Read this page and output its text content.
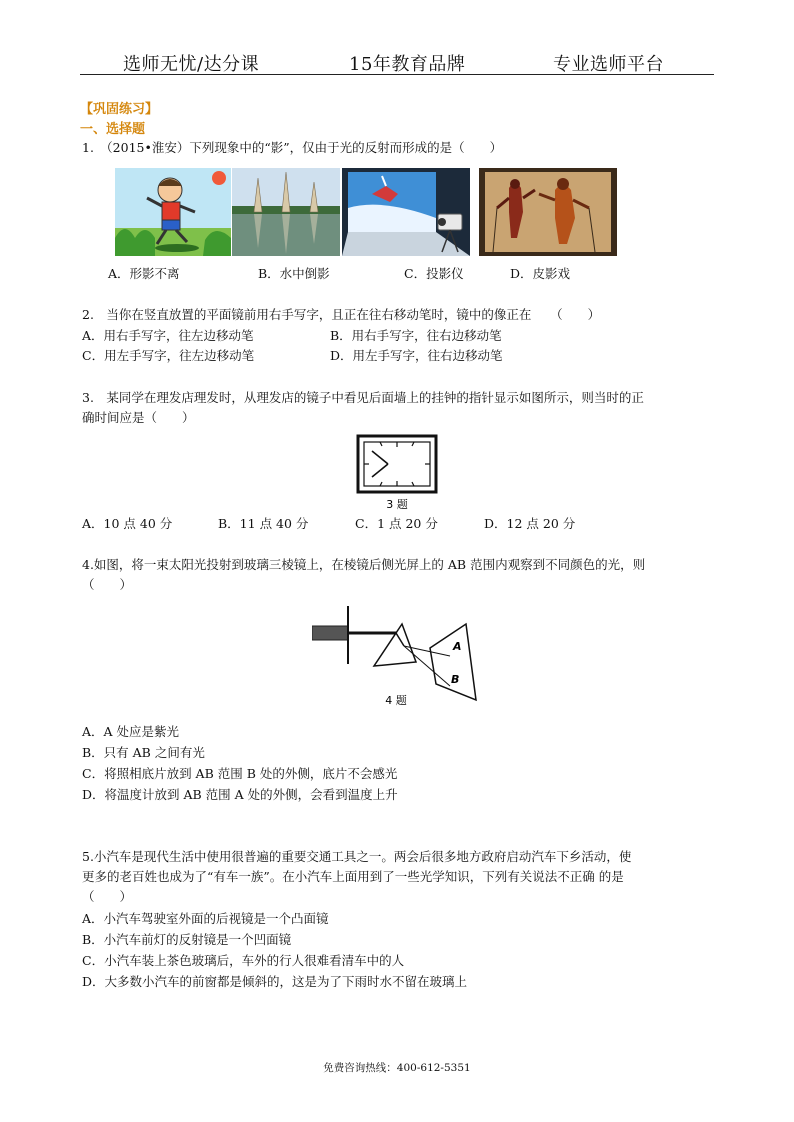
选师无忧/达分课	15年教育品牌	专业选师平台
【巩固练习】
一、选择题
1.　（2015•淮安）下列现象中的“影”，仅由于光的反射而形成的是（　　）
A．形影不离	B．水中倒影	C．投影仪	D．皮影戏
2.　当你在竖直放置的平面镜前用右手写字，且正在往右移动笔时，镜中的像正在　　（　　）
A．用右手写字，往左边移动笔	B．用右手写字，往右边移动笔
C．用左手写字，往左边移动笔	D．用左手写字，往右边移动笔
3.　某同学在理发店理发时，从理发店的镜子中看见后面墙上的挂钟的指针显示如图所示，则当时的正
确时间应是（　　）
3 题
A．10 点 40 分	B．11 点 40 分	C．1 点 20 分	D．12 点 20 分
4.如图，将一束太阳光投射到玻璃三棱镜上，在棱镜后侧光屏上的 AB 范围内观察到不同颜色的光，则
（　　）
A
B
4 题
A．A 处应是紫光
B．只有 AB 之间有光
C．将照相底片放到 AB 范围 B 处的外侧，底片不会感光
D．将温度计放到 AB 范围 A 处的外侧，会看到温度上升
5.小汽车是现代生活中使用很普遍的重要交通工具之一。两会后很多地方政府启动汽车下乡活动，使
更多的老百姓也成为了“有车一族”。在小汽车上面用到了一些光学知识，下列有关说法不正确 的是
（　　）
A．小汽车驾驶室外面的后视镜是一个凸面镜
B．小汽车前灯的反射镜是一个凹面镜
C．小汽车装上茶色玻璃后，车外的行人很难看清车中的人
D．大多数小汽车的前窗都是倾斜的，这是为了下雨时水不留在玻璃上
免费咨询热线：400-612-5351
